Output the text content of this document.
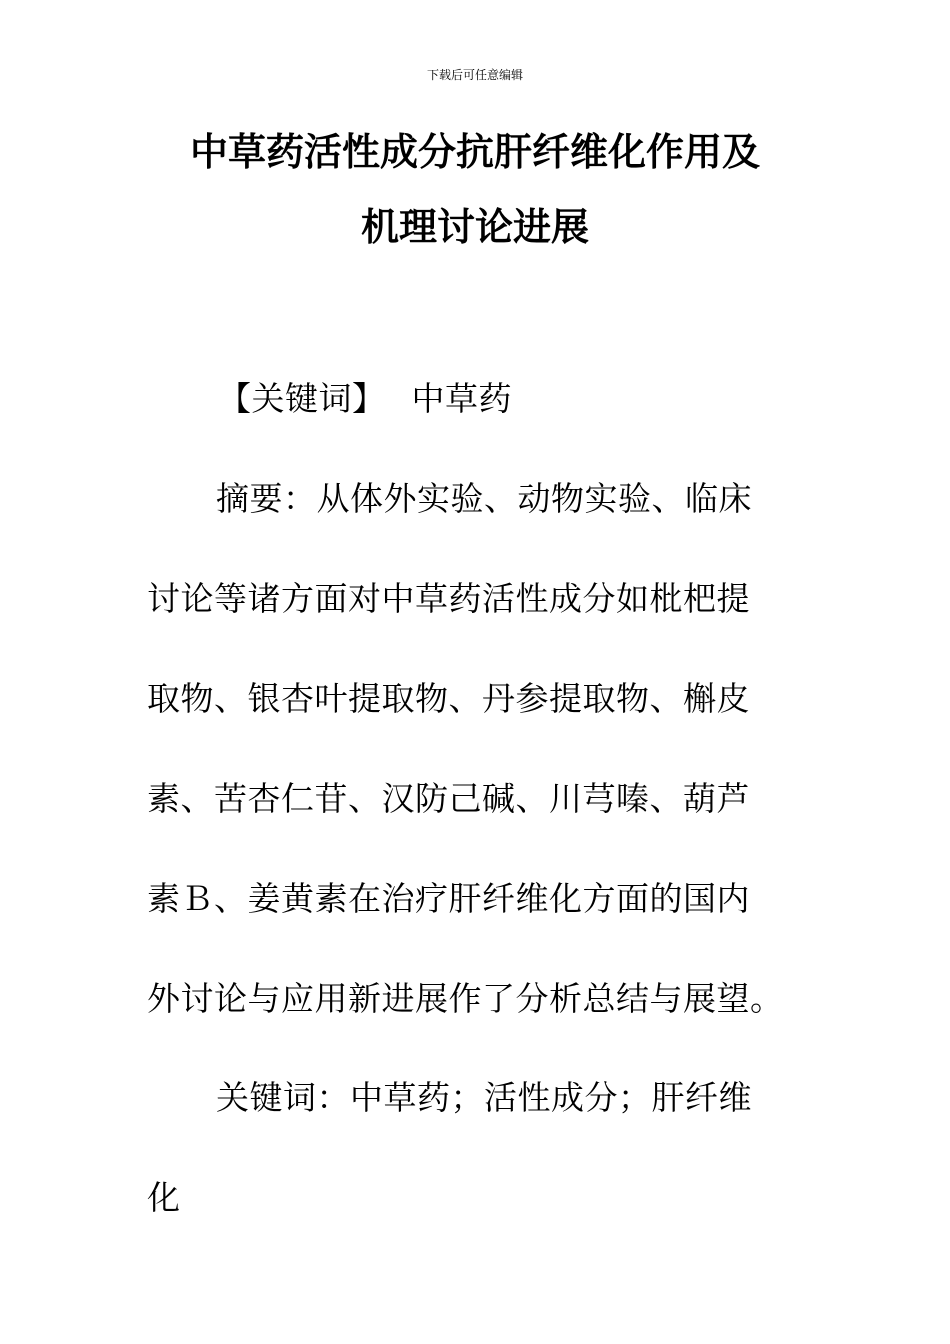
下载后可任意编辑
中草药活性成分抗肝纤维化作用及
机理讨论进展
【关键词】 中草药
摘要：从体外实验、动物实验、临床
讨论等诸方面对中草药活性成分如枇杷提
取物、银杏叶提取物、丹参提取物、槲皮
素、苦杏仁苷、汉防己碱、川芎嗪、葫芦
素Ｂ、姜黄素在治疗肝纤维化方面的国内
外讨论与应用新进展作了分析总结与展望。
关键词：中草药；活性成分；肝纤维
化
